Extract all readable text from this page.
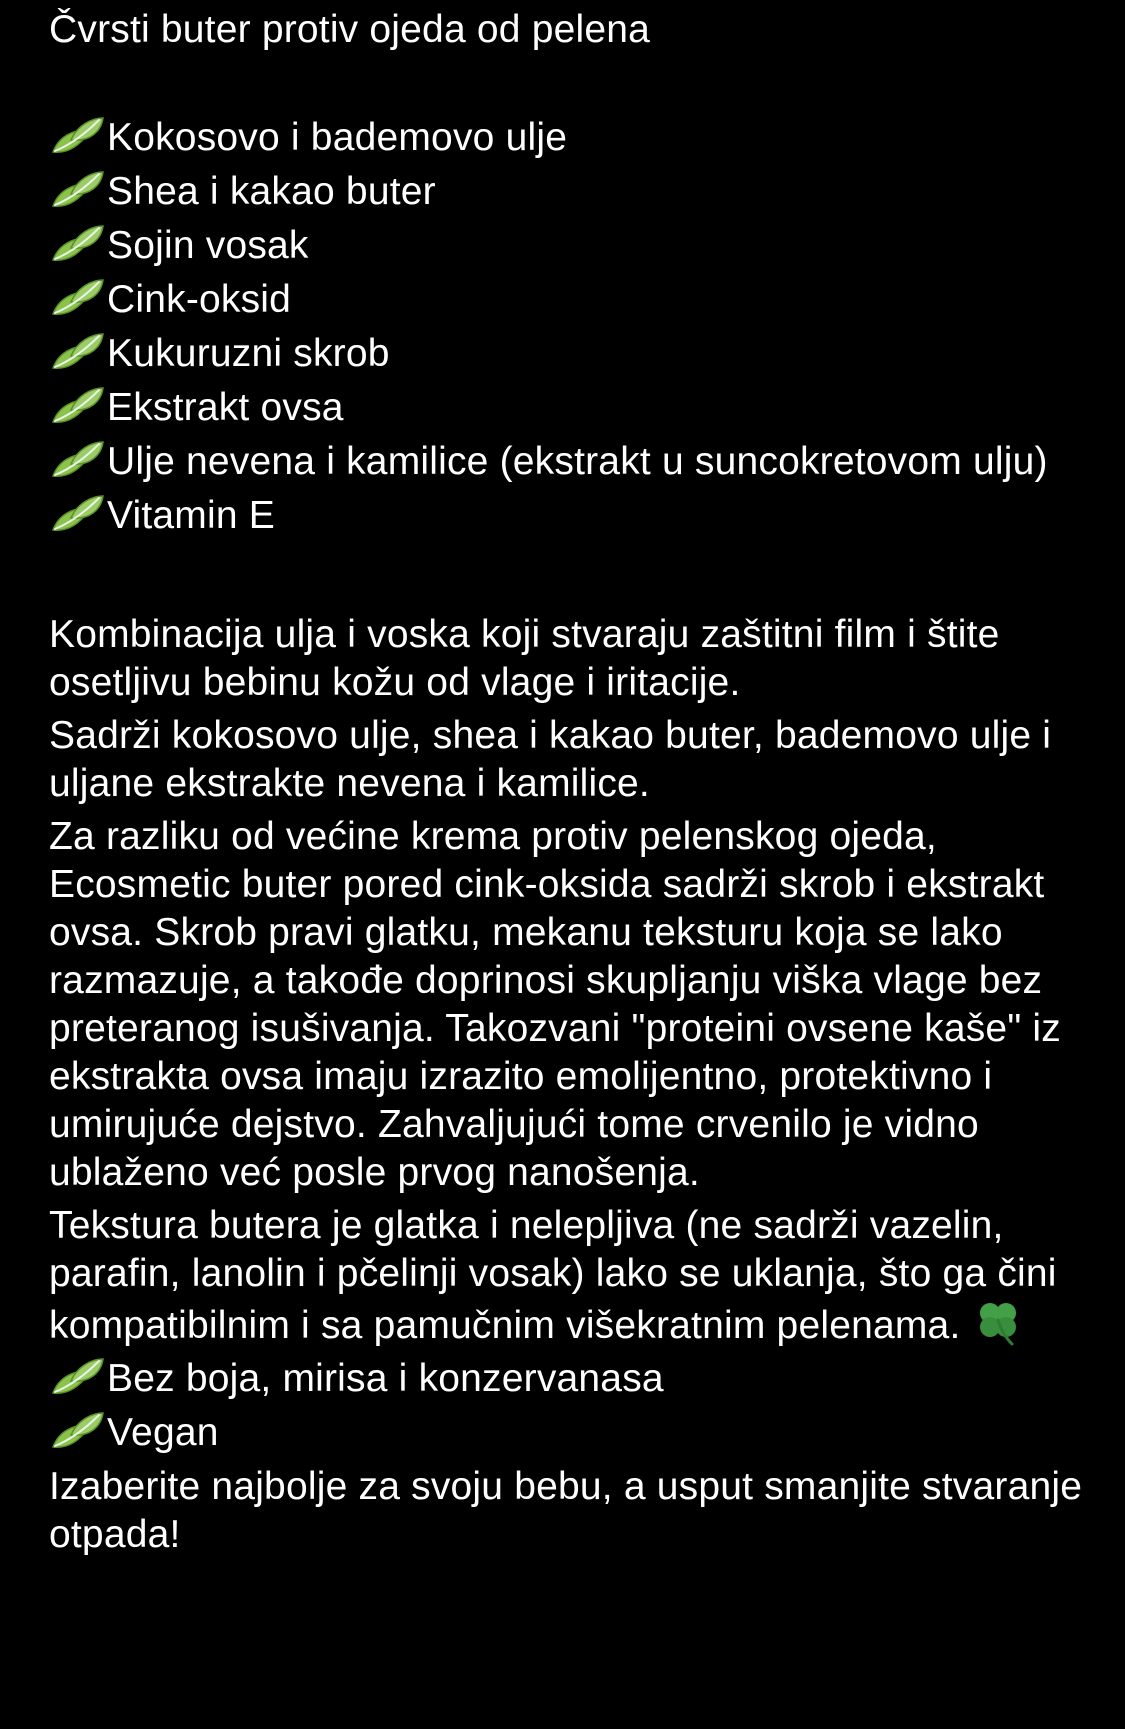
Čvrsti buter protiv ojeda od pelena

Kokosovo i bademovo ulje
Shea i kakao buter
Sojin vosak
Cink-oksid
Kukuruzni skrob
Ekstrakt ovsa
Ulje nevena i kamilice (ekstrakt u suncokretovom ulju)
Vitamin E

Kombinacija ulja i voska koji stvaraju zaštitni film i štite osetljivu bebinu kožu od vlage i iritacije.

Sadrži kokosovo ulje, shea i kakao buter, bademovo ulje i uljane ekstrakte nevena i kamilice.

Za razliku od većine krema protiv pelenskog ojeda, Ecosmetic buter pored cink-oksida sadrži skrob i ekstrakt ovsa. Skrob pravi glatku, mekanu teksturu koja se lako razmazuje, a takođe doprinosi skupljanju viška vlage bez preteranog isušivanja. Takozvani "proteini ovsene kaše" iz ekstrakta ovsa imaju izrazito emolijentno, protektivno i umirujuće dejstvo. Zahvaljujući tome crvenilo je vidno ublaženo već posle prvog nanošenja.

Tekstura butera je glatka i nelepljiva (ne sadrži vazelin, parafin, lanolin i pčelinji vosak) lako se uklanja, što ga čini kompatibilnim i sa pamučnim višekratnim pelenama.

Bez boja, mirisa i konzervanasa
Vegan

Izaberite najbolje za svoju bebu, a usput smanjite stvaranje otpada!
